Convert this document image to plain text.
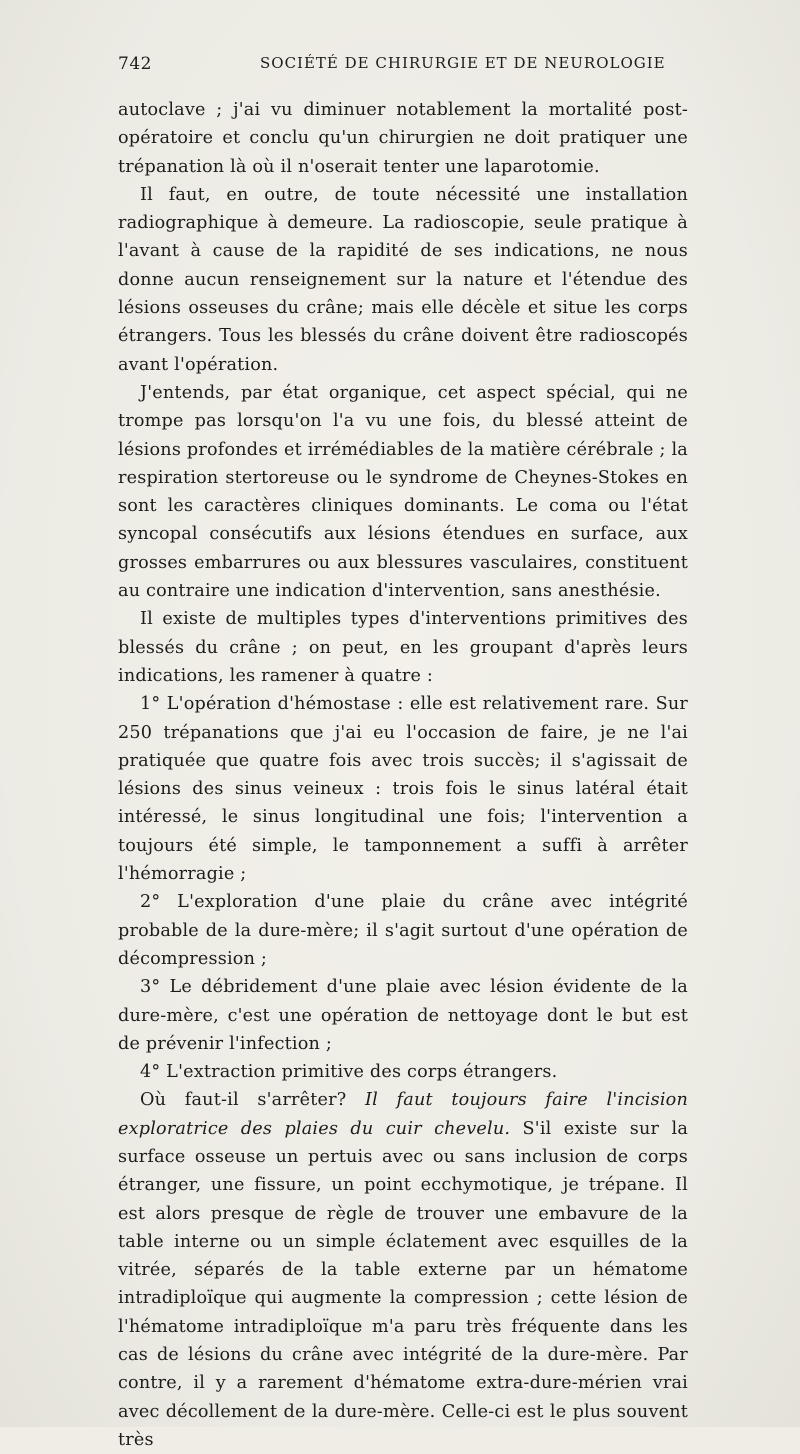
742	SOCIÉTÉ DE CHIRURGIE ET DE NEUROLOGIE

autoclave ; j'ai vu diminuer notablement la mortalité post-opératoire et conclu qu'un chirurgien ne doit pratiquer une trépanation là où il n'oserait tenter une laparotomie.

Il faut, en outre, de toute nécessité une installation radiographique à demeure. La radioscopie, seule pratique à l'avant à cause de la rapidité de ses indications, ne nous donne aucun renseignement sur la nature et l'étendue des lésions osseuses du crâne; mais elle décèle et situe les corps étrangers. Tous les blessés du crâne doivent être radioscopés avant l'opération.

J'entends, par état organique, cet aspect spécial, qui ne trompe pas lorsqu'on l'a vu une fois, du blessé atteint de lésions profondes et irrémédiables de la matière cérébrale ; la respiration stertoreuse ou le syndrome de Cheynes-Stokes en sont les caractères cliniques dominants. Le coma ou l'état syncopal consécutifs aux lésions étendues en surface, aux grosses embarrures ou aux blessures vasculaires, constituent au contraire une indication d'intervention, sans anesthésie.

Il existe de multiples types d'interventions primitives des blessés du crâne ; on peut, en les groupant d'après leurs indications, les ramener à quatre :

1° L'opération d'hémostase : elle est relativement rare. Sur 250 trépanations que j'ai eu l'occasion de faire, je ne l'ai pratiquée que quatre fois avec trois succès; il s'agissait de lésions des sinus veineux : trois fois le sinus latéral était intéressé, le sinus longitudinal une fois; l'intervention a toujours été simple, le tamponnement a suffi à arrêter l'hémorragie ;

2° L'exploration d'une plaie du crâne avec intégrité probable de la dure-mère; il s'agit surtout d'une opération de décompression ;

3° Le débridement d'une plaie avec lésion évidente de la dure-mère, c'est une opération de nettoyage dont le but est de prévenir l'infection ;

4° L'extraction primitive des corps étrangers.

Où faut-il s'arrêter? Il faut toujours faire l'incision exploratrice des plaies du cuir chevelu. S'il existe sur la surface osseuse un pertuis avec ou sans inclusion de corps étranger, une fissure, un point ecchymotique, je trépane. Il est alors presque de règle de trouver une embavure de la table interne ou un simple éclatement avec esquilles de la vitrée, séparés de la table externe par un hématome intradiploïque qui augmente la compression ; cette lésion de l'hématome intradiploïque m'a paru très fréquente dans les cas de lésions du crâne avec intégrité de la dure-mère. Par contre, il y a rarement d'hématome extra-dure-mérien vrai avec décollement de la dure-mère. Celle-ci est le plus souvent très
